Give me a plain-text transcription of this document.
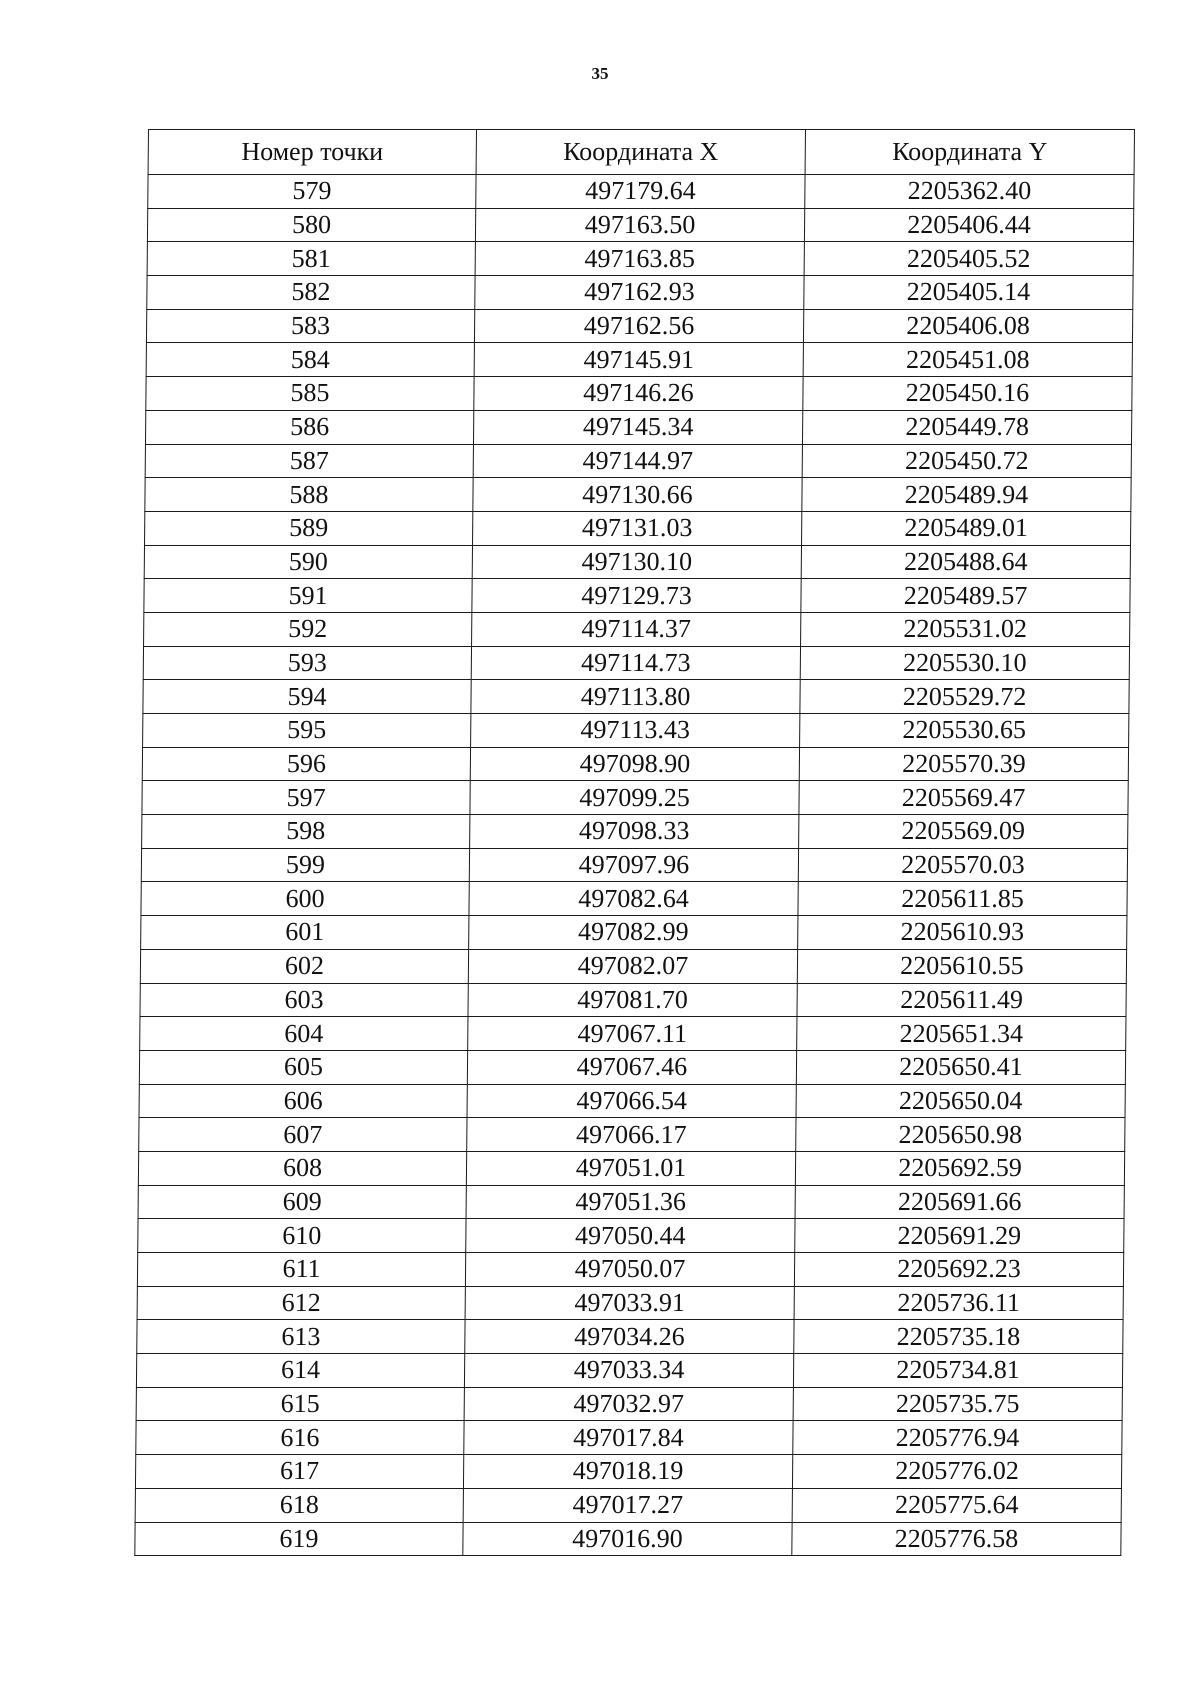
35
Номер точки	Координата X	Координата Y
579	497179.64	2205362.40
580	497163.50	2205406.44
581	497163.85	2205405.52
582	497162.93	2205405.14
583	497162.56	2205406.08
584	497145.91	2205451.08
585	497146.26	2205450.16
586	497145.34	2205449.78
587	497144.97	2205450.72
588	497130.66	2205489.94
589	497131.03	2205489.01
590	497130.10	2205488.64
591	497129.73	2205489.57
592	497114.37	2205531.02
593	497114.73	2205530.10
594	497113.80	2205529.72
595	497113.43	2205530.65
596	497098.90	2205570.39
597	497099.25	2205569.47
598	497098.33	2205569.09
599	497097.96	2205570.03
600	497082.64	2205611.85
601	497082.99	2205610.93
602	497082.07	2205610.55
603	497081.70	2205611.49
604	497067.11	2205651.34
605	497067.46	2205650.41
606	497066.54	2205650.04
607	497066.17	2205650.98
608	497051.01	2205692.59
609	497051.36	2205691.66
610	497050.44	2205691.29
611	497050.07	2205692.23
612	497033.91	2205736.11
613	497034.26	2205735.18
614	497033.34	2205734.81
615	497032.97	2205735.75
616	497017.84	2205776.94
617	497018.19	2205776.02
618	497017.27	2205775.64
619	497016.90	2205776.58
